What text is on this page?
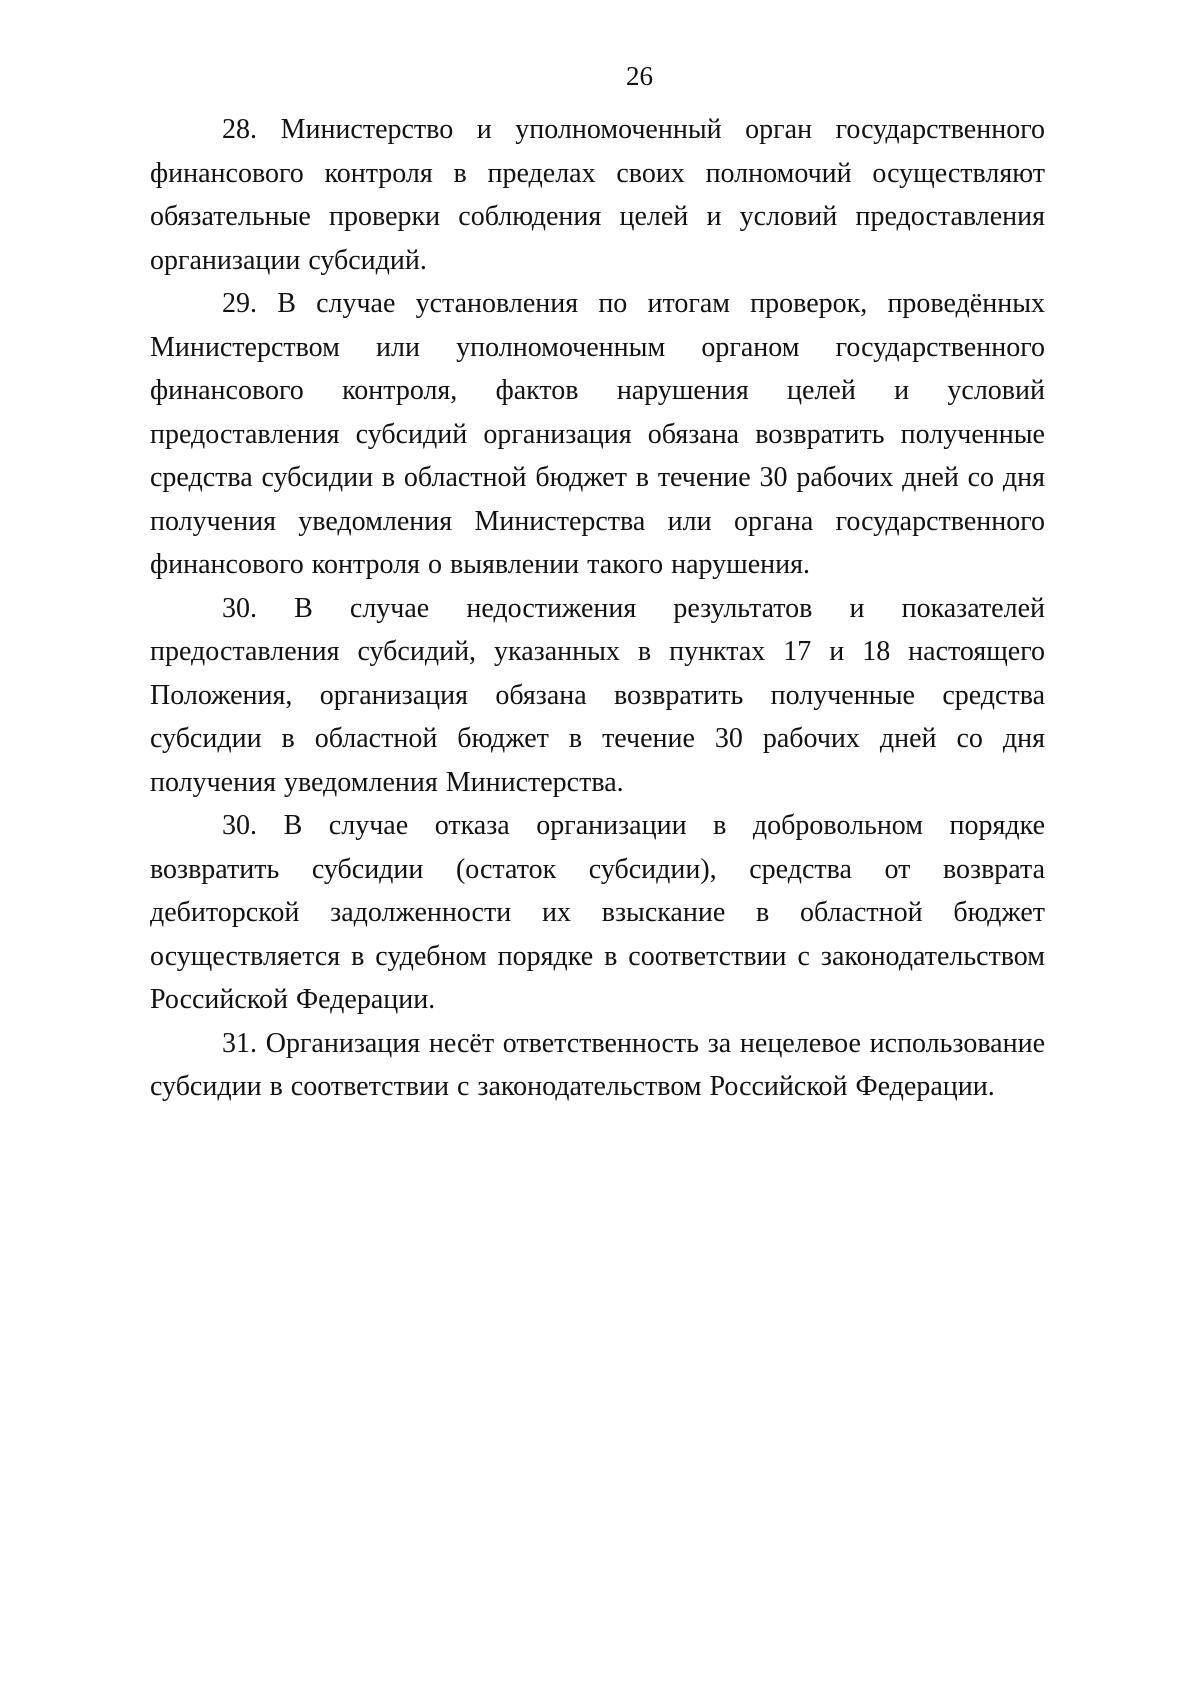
26

28. Министерство и уполномоченный орган государственного финансового контроля в пределах своих полномочий осуществляют обязательные проверки соблюдения целей и условий предоставления организации субсидий.

29. В случае установления по итогам проверок, проведённых Министерством или уполномоченным органом государственного финансового контроля, фактов нарушения целей и условий предоставления субсидий организация обязана возвратить полученные средства субсидии в областной бюджет в течение 30 рабочих дней со дня получения уведомления Министерства или органа государственного финансового контроля о выявлении такого нарушения.

30. В случае недостижения результатов и показателей предоставления субсидий, указанных в пунктах 17 и 18 настоящего Положения, организация обязана возвратить полученные средства субсидии в областной бюджет в течение 30 рабочих дней со дня получения уведомления Министерства.

30. В случае отказа организации в добровольном порядке возвратить субсидии (остаток субсидии), средства от возврата дебиторской задолженности их взыскание в областной бюджет осуществляется в судебном порядке в соответствии с законодательством Российской Федерации.

31. Организация несёт ответственность за нецелевое использование субсидии в соответствии с законодательством Российской Федерации.
